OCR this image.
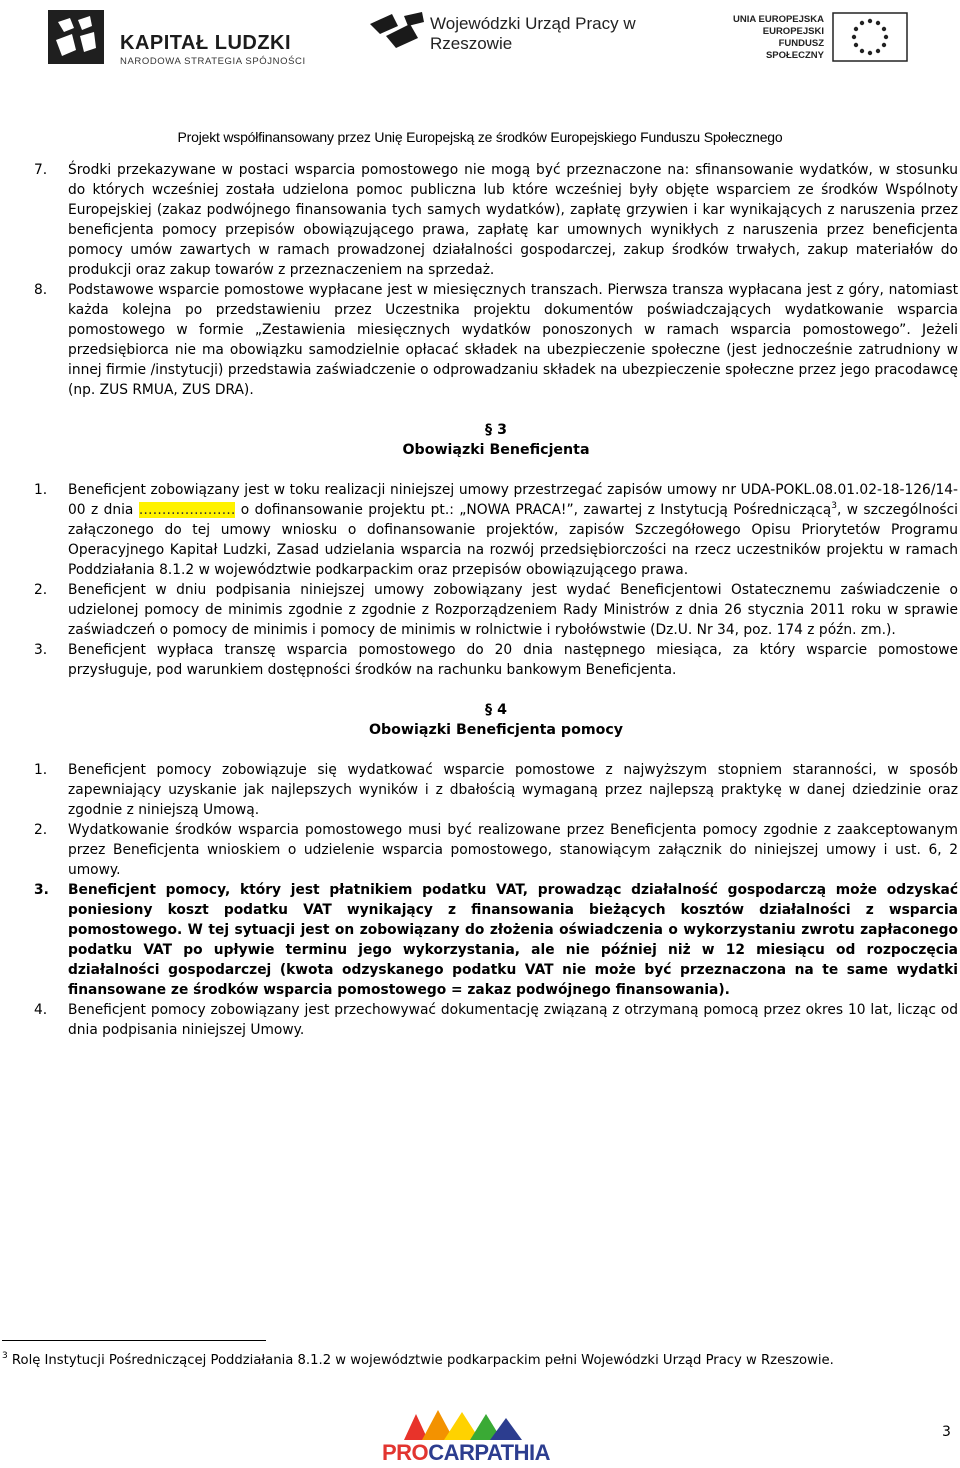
KAPITAŁ LUDZKI
NARODOWA STRATEGIA SPÓJNOŚCI
Wojewódzki Urząd Pracy w Rzeszowie
UNIA EUROPEJSKA EUROPEJSKI FUNDUSZ SPOŁECZNY
Projekt współfinansowany przez Unię Europejską ze środków Europejskiego Funduszu Społecznego
7. Środki przekazywane w postaci wsparcia pomostowego nie mogą być przeznaczone na: sfinansowanie wydatków, w stosunku do których wcześniej została udzielona pomoc publiczna lub które wcześniej były objęte wsparciem ze środków Wspólnoty Europejskiej (zakaz podwójnego finansowania tych samych wydatków), zapłatę grzywien i kar wynikających z naruszenia przez beneficjenta pomocy przepisów obowiązującego prawa, zapłatę kar umownych wynikłych z naruszenia przez beneficjenta pomocy umów zawartych w ramach prowadzonej działalności gospodarczej, zakup środków trwałych, zakup materiałów do produkcji oraz zakup towarów z przeznaczeniem na sprzedaż.
8. Podstawowe wsparcie pomostowe wypłacane jest w miesięcznych transzach. Pierwsza transza wypłacana jest z góry, natomiast każda kolejna po przedstawieniu przez Uczestnika projektu dokumentów poświadczających wydatkowanie wsparcia pomostowego w formie „Zestawienia miesięcznych wydatków ponoszonych w ramach wsparcia pomostowego”. Jeżeli przedsiębiorca nie ma obowiązku samodzielnie opłacać składek na ubezpieczenie społeczne (jest jednocześnie zatrudniony w innej firmie /instytucji) przedstawia zaświadczenie o odprowadzaniu składek na ubezpieczenie społeczne przez jego pracodawcę (np. ZUS RMUA, ZUS DRA).
§ 3
Obowiązki Beneficjenta
1. Beneficjent zobowiązany jest w toku realizacji niniejszej umowy przestrzegać zapisów umowy nr UDA-POKL.08.01.02-18-126/14-00 z dnia ………………… o dofinansowanie projektu pt.: „NOWA PRACA!”, zawartej z Instytucją Pośredniczącą$^3$, w szczególności załączonego do tej umowy wniosku o dofinansowanie projektów, zapisów Szczegółowego Opisu Priorytetów Programu Operacyjnego Kapitał Ludzki, Zasad udzielania wsparcia na rozwój przedsiębiorczości na rzecz uczestników projektu w ramach Poddziałania 8.1.2 w województwie podkarpackim oraz przepisów obowiązującego prawa.
2. Beneficjent w dniu podpisania niniejszej umowy zobowiązany jest wydać Beneficjentowi Ostatecznemu zaświadczenie o udzielonej pomocy de minimis zgodnie z zgodnie z Rozporządzeniem Rady Ministrów z dnia 26 stycznia 2011 roku w sprawie zaświadczeń o pomocy de minimis i pomocy de minimis w rolnictwie i rybołówstwie (Dz.U. Nr 34, poz. 174 z późn. zm.).
3. Beneficjent wypłaca transzę wsparcia pomostowego do 20 dnia następnego miesiąca, za który wsparcie pomostowe przysługuje, pod warunkiem dostępności środków na rachunku bankowym Beneficjenta.
§ 4
Obowiązki Beneficjenta pomocy
1. Beneficjent pomocy zobowiązuje się wydatkować wsparcie pomostowe z najwyższym stopniem staranności, w sposób zapewniający uzyskanie jak najlepszych wyników i z dbałością wymaganą przez najlepszą praktykę w danej dziedzinie oraz zgodnie z niniejszą Umową.
2. Wydatkowanie środków wsparcia pomostowego musi być realizowane przez Beneficjenta pomocy zgodnie z zaakceptowanym przez Beneficjenta wnioskiem o udzielenie wsparcia pomostowego, stanowiącym załącznik do niniejszej umowy i ust. 6, 2 umowy.
3. Beneficjent pomocy, który jest płatnikiem podatku VAT, prowadząc działalność gospodarczą może odzyskać poniesiony koszt podatku VAT wynikający z finansowania bieżących kosztów działalności z wsparcia pomostowego. W tej sytuacji jest on zobowiązany do złożenia oświadczenia o wykorzystaniu zwrotu zapłaconego podatku VAT po upływie terminu jego wykorzystania, ale nie później niż w 12 miesiącu od rozpoczęcia działalności gospodarczej (kwota odzyskanego podatku VAT nie może być przeznaczona na te same wydatki finansowane ze środków wsparcia pomostowego = zakaz podwójnego finansowania).
4. Beneficjent pomocy zobowiązany jest przechowywać dokumentację związaną z otrzymaną pomocą przez okres 10 lat, licząc od dnia podpisania niniejszej Umowy.
$^3$ Rolę Instytucji Pośredniczącej Poddziałania 8.1.2 w województwie podkarpackim pełni Wojewódzki Urząd Pracy w Rzeszowie.
PROCARPATHIA
3
